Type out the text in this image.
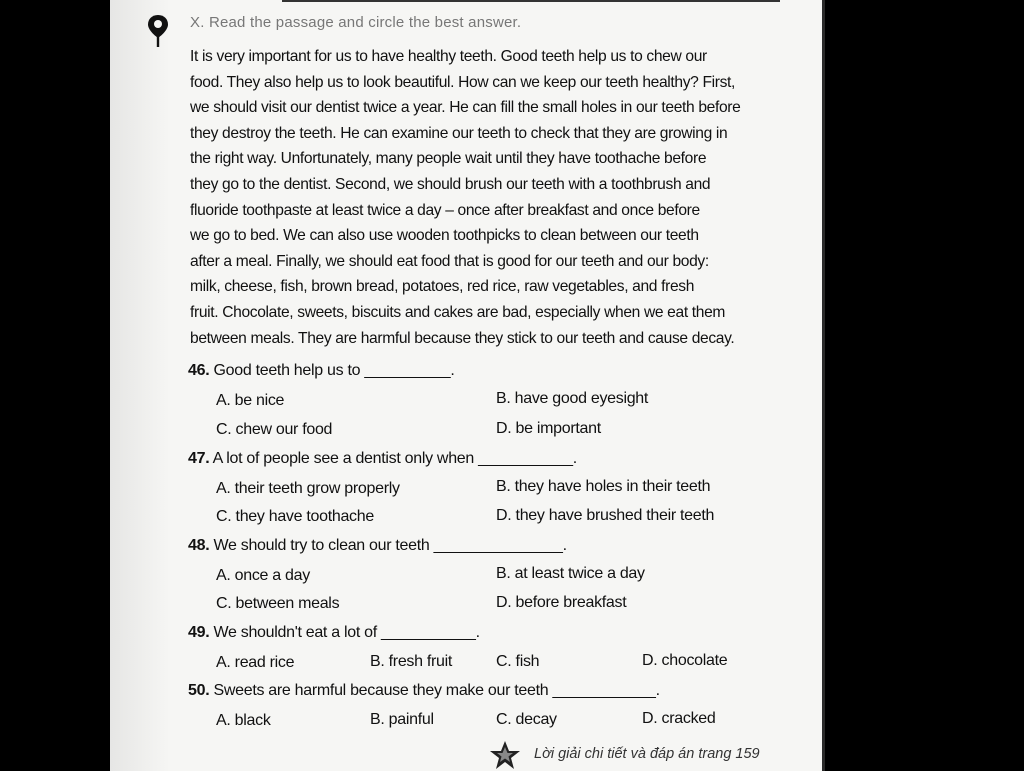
X. Read the passage and circle the best answer.
It is very important for us to have healthy teeth. Good teeth help us to chew our
food. They also help us to look beautiful. How can we keep our teeth healthy? First,
we should visit our dentist twice a year. He can fill the small holes in our teeth before
they destroy the teeth. He can examine our teeth to check that they are growing in
the right way. Unfortunately, many people wait until they have toothache before
they go to the dentist. Second, we should brush our teeth with a toothbrush and
fluoride toothpaste at least twice a day – once after breakfast and once before
we go to bed. We can also use wooden toothpicks to clean between our teeth
after a meal. Finally, we should eat food that is good for our teeth and our body:
milk, cheese, fish, brown bread, potatoes, red rice, raw vegetables, and fresh
fruit. Chocolate, sweets, biscuits and cakes are bad, especially when we eat them
between meals. They are harmful because they stick to our teeth and cause decay.
46. Good teeth help us to __________.
A. be nice	B. have good eyesight
C. chew our food	D. be important
47. A lot of people see a dentist only when ___________.
A. their teeth grow properly	B. they have holes in their teeth
C. they have toothache	D. they have brushed their teeth
48. We should try to clean our teeth _______________.
A. once a day	B. at least twice a day
C. between meals	D. before breakfast
49. We shouldn't eat a lot of ___________.
A. read rice	B. fresh fruit	C. fish	D. chocolate
50. Sweets are harmful because they make our teeth ____________.
A. black	B. painful	C. decay	D. cracked
Lời giải chi tiết và đáp án trang 159
